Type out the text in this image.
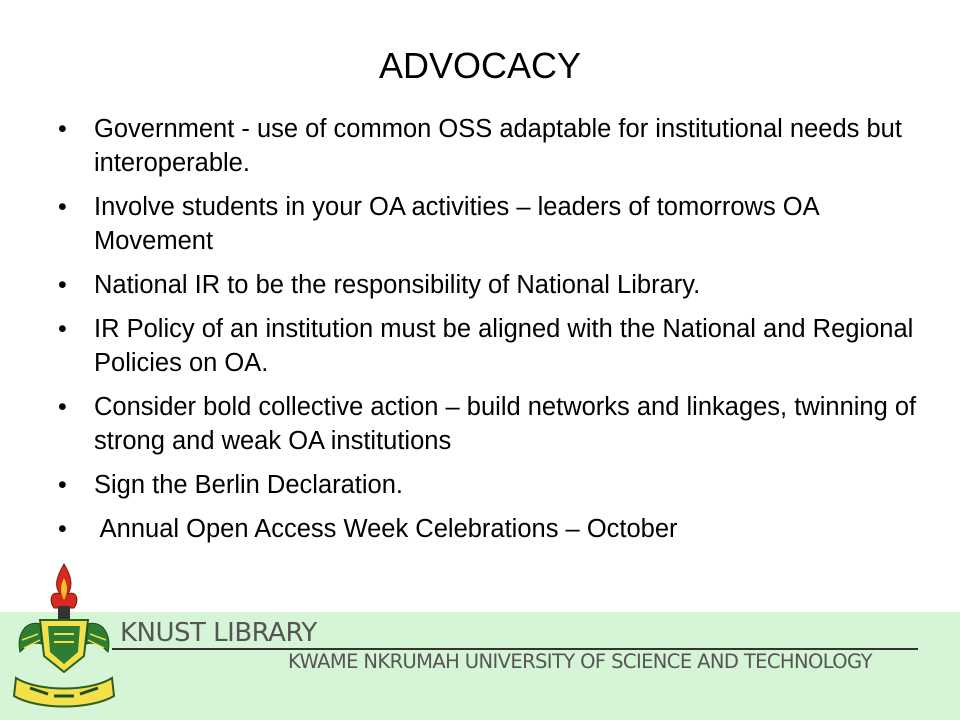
ADVOCACY
• Government - use of common OSS adaptable for institutional needs but interoperable.
• Involve students in your OA activities – leaders of tomorrows OA Movement
• National IR to be the responsibility of National Library.
• IR Policy of an institution must be aligned with the National and Regional Policies on OA.
• Consider bold collective action – build networks and linkages, twinning of strong and weak OA institutions
• Sign the Berlin Declaration.
• Annual Open Access Week Celebrations – October
KNUST LIBRARY
KWAME NKRUMAH UNIVERSITY OF SCIENCE AND TECHNOLOGY
